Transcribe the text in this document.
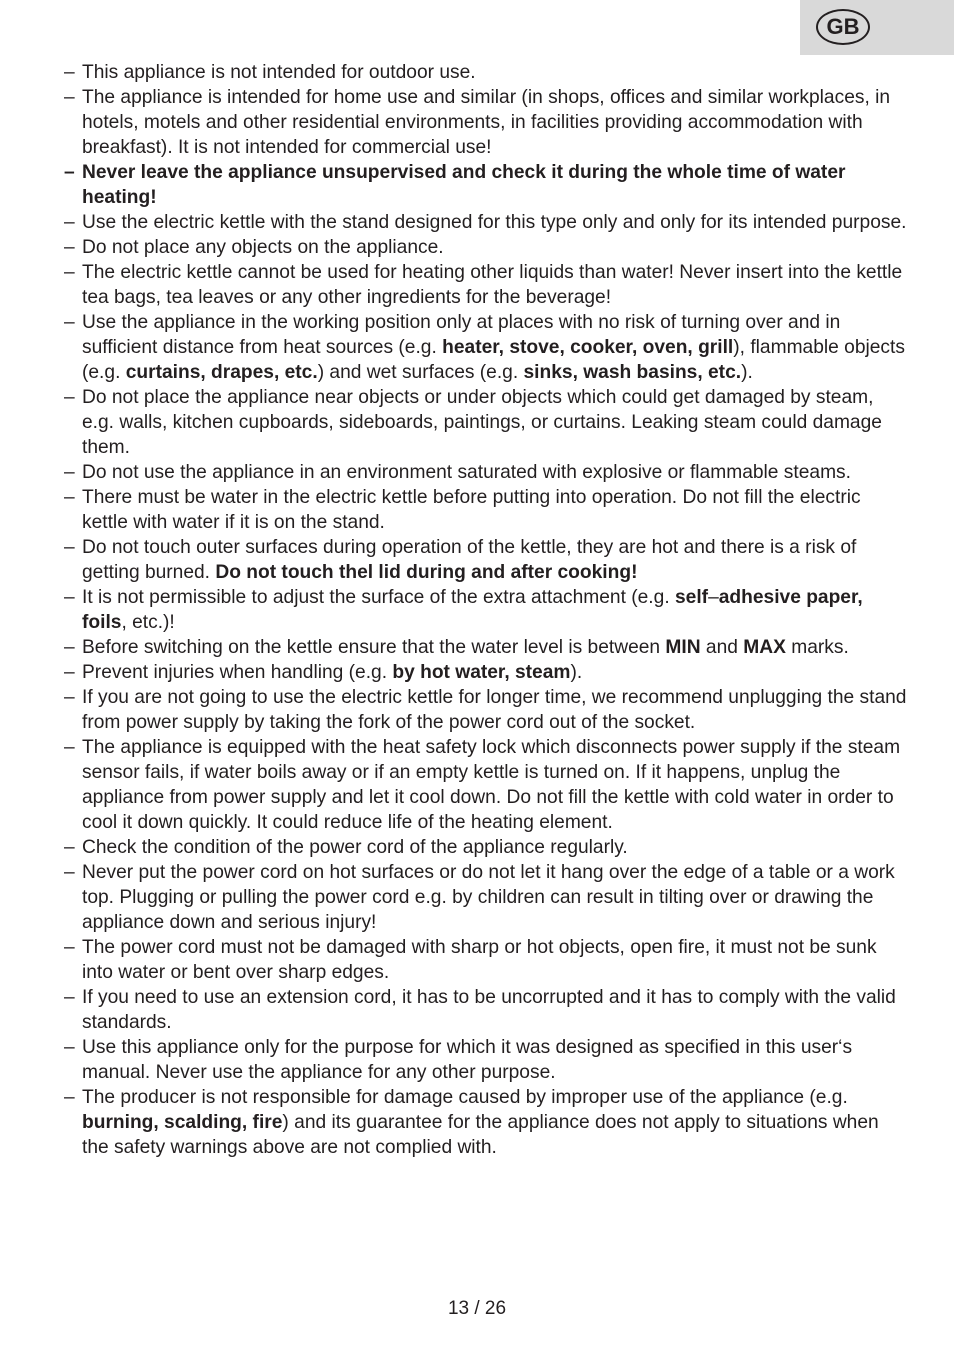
GB
– This appliance is not intended for outdoor use.
– The appliance is intended for home use and similar (in shops, offices and similar workplaces, in hotels, motels and other residential environments, in facilities providing accommodation with breakfast). It is not intended for commercial use!
– Never leave the appliance unsupervised and check it during the whole time of water heating!
– Use the electric kettle with the stand designed for this type only and only for its intended purpose.
– Do not place any objects on the appliance.
– The electric kettle cannot be used for heating other liquids than water! Never insert into the kettle tea bags, tea leaves or any other ingredients for the beverage!
– Use the appliance in the working position only at places with no risk of turning over and in sufficient distance from heat sources (e.g. heater, stove, cooker, oven, grill), flammable objects (e.g. curtains, drapes, etc.) and wet surfaces (e.g. sinks, wash basins, etc.).
– Do not place the appliance near objects or under objects which could get damaged by steam, e.g. walls, kitchen cupboards, sideboards, paintings, or curtains. Leaking steam could damage them.
– Do not use the appliance in an environment saturated with explosive or flammable steams.
– There must be water in the electric kettle before putting into operation. Do not fill the electric kettle with water if it is on the stand.
– Do not touch outer surfaces during operation of the kettle, they are hot and there is a risk of getting burned. Do not touch thel lid during and after cooking!
– It is not permissible to adjust the surface of the extra attachment (e.g. self–adhesive paper, foils, etc.)!
– Before switching on the kettle ensure that the water level is between MIN and MAX marks.
– Prevent injuries when handling (e.g. by hot water, steam).
– If you are not going to use the electric kettle for longer time, we recommend unplugging the stand from power supply by taking the fork of the power cord out of the socket.
– The appliance is equipped with the heat safety lock which disconnects power supply if the steam sensor fails, if water boils away or if an empty kettle is turned on. If it happens, unplug the appliance from power supply and let it cool down. Do not fill the kettle with cold water in order to cool it down quickly. It could reduce life of the heating element.
– Check the condition of the power cord of the appliance regularly.
– Never put the power cord on hot surfaces or do not let it hang over the edge of a table or a work top. Plugging or pulling the power cord e.g. by children can result in tilting over or drawing the appliance down and serious injury!
– The power cord must not be damaged with sharp or hot objects, open fire, it must not be sunk into water or bent over sharp edges.
– If you need to use an extension cord, it has to be uncorrupted and it has to comply with the valid standards.
– Use this appliance only for the purpose for which it was designed as specified in this user‘s manual. Never use the appliance for any other purpose.
– The producer is not responsible for damage caused by improper use of the appliance (e.g. burning, scalding, fire) and its guarantee for the appliance does not apply to situations when the safety warnings above are not complied with.
13 / 26
